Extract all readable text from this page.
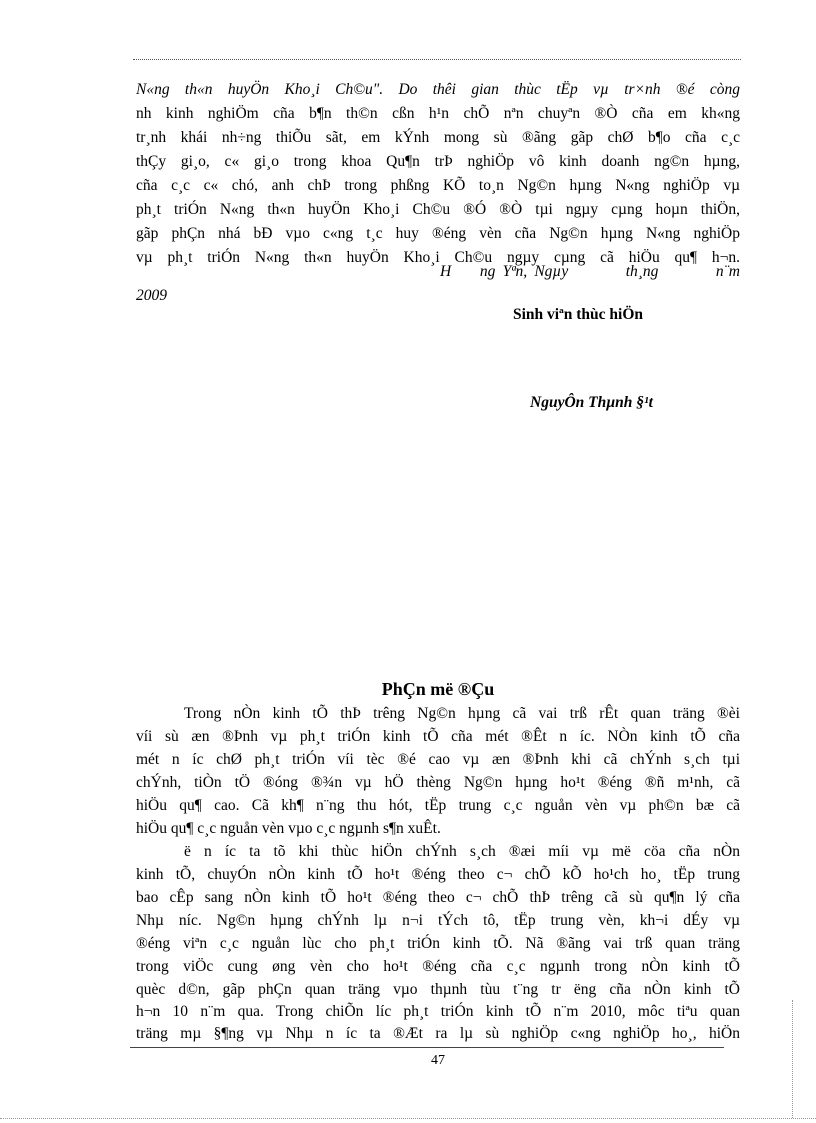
N«ng th«n huyÖn Kho¸i Ch©u". Do thêi gian thùc tËp vµ tr×nh ®é còng
nh kinh nghiÖm cña b¶n th©n cßn h¹n chÕ nªn chuyªn ®Ò cña em kh«ng
tr¸nh khái nh÷ng thiÕu sãt, em kÝnh mong sù ®ãng gãp chØ b¶o cña c¸c
thÇy gi¸o, c« gi¸o trong khoa Qu¶n trÞ nghiÖp vô kinh doanh ng©n hµng,
cña c¸c c« chó, anh chÞ trong phßng KÕ to¸n Ng©n hµng N«ng nghiÖp vµ
ph¸t triÓn N«ng th«n huyÖn Kho¸i Ch©u ®Ó ®Ò tµi ngµy cµng hoµn thiÖn,
gãp phÇn nhá bÐ vµo c«ng t¸c huy ®éng vèn cña Ng©n hµng N«ng nghiÖp
vµ ph¸t triÓn N«ng th«n huyÖn Kho¸i Ch©u ngµy cµng cã hiÖu qu¶ h¬n.
H    ng Yªn, Ngµy        th¸ng        n¨m
2009
Sinh viªn thùc hiÖn
NguyÔn Thµnh §¹t
PhÇn më ®Çu
Trong nÒn kinh tÕ thÞ trêng Ng©n hµng cã vai trß rÊt quan träng ®èi
víi sù æn ®Þnh vµ ph¸t triÓn kinh tÕ cña mét ®Êt n íc. NÒn kinh tÕ cña
mét n íc chØ ph¸t triÓn víi tèc ®é cao vµ æn ®Þnh khi cã chÝnh s¸ch tµi
chÝnh, tiÒn tÖ ®óng ®¾n vµ hÖ thèng Ng©n hµng ho¹t ®éng ®ñ m¹nh, cã
hiÖu qu¶ cao. Cã kh¶ n¨ng thu hót, tËp trung c¸c nguån vèn vµ ph©n bæ cã
hiÖu qu¶ c¸c nguån vèn vµo c¸c ngµnh s¶n xuÊt.
ë n íc ta tõ khi thùc hiÖn chÝnh s¸ch ®æi míi vµ më cöa cña nÒn
kinh tÕ, chuyÓn nÒn kinh tÕ ho¹t ®éng theo c¬ chÕ kÕ ho¹ch ho¸ tËp trung
bao cÊp sang nÒn kinh tÕ ho¹t ®éng theo c¬ chÕ thÞ trêng cã sù qu¶n lý cña
Nhµ níc. Ng©n hµng chÝnh lµ n¬i tÝch tô, tËp trung vèn, kh¬i dÉy vµ
®éng viªn c¸c nguån lùc cho ph¸t triÓn kinh tÕ. Nã ®ãng vai trß quan träng
trong viÖc cung øng vèn cho ho¹t ®éng cña c¸c ngµnh trong nÒn kinh tÕ
quèc d©n, gãp phÇn quan träng vµo thµnh tùu t¨ng tr ëng cña nÒn kinh tÕ
h¬n 10 n¨m qua. Trong chiÕn líc ph¸t triÓn kinh tÕ n¨m 2010, môc tiªu quan
träng mµ §¶ng vµ Nhµ n íc ta ®Æt ra lµ sù nghiÖp c«ng nghiÖp ho¸, hiÖn
47
